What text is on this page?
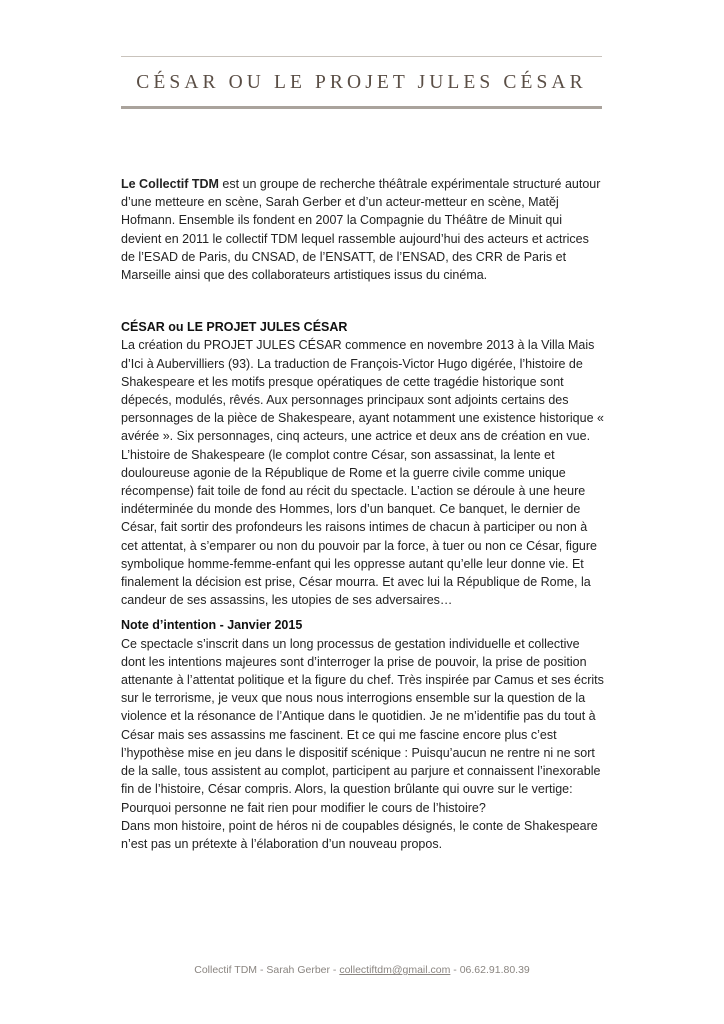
CÉSAR OU LE PROJET JULES CÉSAR

Le Collectif TDM est un groupe de recherche théâtrale expérimentale structuré autour d’une metteure en scène, Sarah Gerber et d’un acteur-metteur en scène, Matěj Hofmann. Ensemble ils fondent en 2007 la Compagnie du Théâtre de Minuit qui devient en 2011 le collectif TDM lequel rassemble aujourd’hui des acteurs et actrices de l’ESAD de Paris, du CNSAD, de l’ENSATT, de l’ENSAD, des CRR de Paris et Marseille ainsi que des collaborateurs artistiques issus du cinéma.

CÉSAR ou LE PROJET JULES CÉSAR

La création du PROJET JULES CÉSAR commence en novembre 2013 à la Villa Mais d’Ici à Aubervilliers (93). La traduction de François-Victor Hugo digérée, l’histoire de Shakespeare et les motifs presque opératiques de cette tragédie historique sont dépecés, modulés, rêvés. Aux personnages principaux sont adjoints certains des personnages de la pièce de Shakespeare, ayant notamment une existence historique « avérée ». Six personnages, cinq acteurs, une actrice et deux ans de création en vue. L’histoire de Shakespeare (le complot contre César, son assassinat, la lente et douloureuse agonie de la République de Rome et la guerre civile comme unique récompense) fait toile de fond au récit du spectacle. L’action se déroule à une heure indéterminée du monde des Hommes, lors d’un banquet. Ce banquet, le dernier de César, fait sortir des profondeurs les raisons intimes de chacun à participer ou non à cet attentat, à s’emparer ou non du pouvoir par la force, à tuer ou non ce César, figure symbolique homme-femme-enfant qui les oppresse autant qu’elle leur donne vie. Et finalement la décision est prise, César mourra. Et avec lui la République de Rome, la candeur de ses assassins, les utopies de ses adversaires…

Note d’intention - Janvier 2015

Ce spectacle s’inscrit dans un long processus de gestation individuelle et collective dont les intentions majeures sont d’interroger la prise de pouvoir, la prise de position attenante à l’attentat politique et la figure du chef. Très inspirée par Camus et ses écrits sur le terrorisme, je veux que nous nous interrogions ensemble sur la question de la violence et la résonance de l’Antique dans le quotidien. Je ne m’identifie pas du tout à César mais ses assassins me fascinent. Et ce qui me fascine encore plus c’est l’hypothèse mise en jeu dans le dispositif scénique : Puisqu’aucun ne rentre ni ne sort de la salle, tous assistent au complot, participent au parjure et connaissent l’inexorable fin de l’histoire, César compris. Alors, la question brûlante qui ouvre sur le vertige: Pourquoi personne ne fait rien pour modifier le cours de l’histoire?

Dans mon histoire, point de héros ni de coupables désignés, le conte de Shakespeare n’est pas un prétexte à l’élaboration d’un nouveau propos.

Collectif TDM - Sarah Gerber - collectiftdm@gmail.com - 06.62.91.80.39
